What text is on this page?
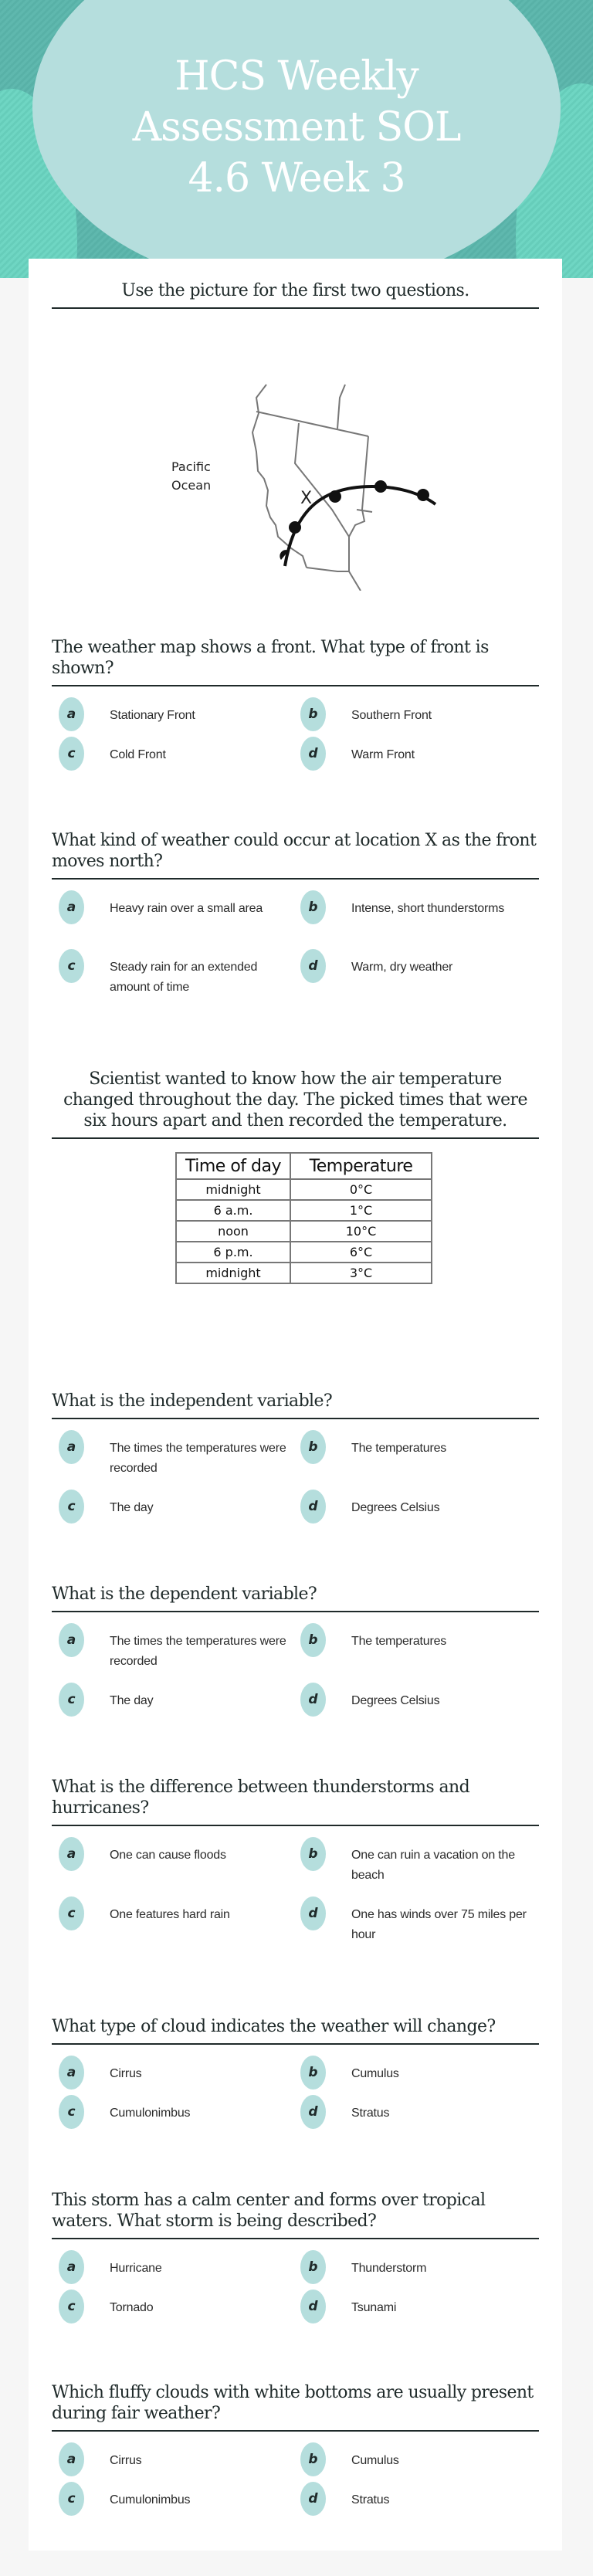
HCS Weekly
Assessment SOL
4.6 Week 3
Use the picture for the first two questions.
Pacific
Ocean
X
The weather map shows a front. What type of front is shown?
a	Stationary Front	b	Southern Front
c	Cold Front	d	Warm Front
What kind of weather could occur at location X as the front moves north?
a	Heavy rain over a small area	b	Intense, short thunderstorms
c	Steady rain for an extended amount of time
d	Warm, dry weather
Scientist wanted to know how the air temperature changed throughout the day. The picked times that were six hours apart and then recorded the temperature.
Time of day	Temperature
midnight	0°C
6 a.m.	1°C
noon	10°C
6 p.m.	6°C
midnight	3°C
What is the independent variable?
a	The times the temperatures were recorded
b	The temperatures
c	The day	d	Degrees Celsius
What is the dependent variable?
a	The times the temperatures were recorded
b	The temperatures
c	The day	d	Degrees Celsius
What is the difference between thunderstorms and hurricanes?
a	One can cause floods	b	One can ruin a vacation on the beach
c	One features hard rain	d	One has winds over 75 miles per hour
What type of cloud indicates the weather will change?
a	Cirrus	b	Cumulus
c	Cumulonimbus	d	Stratus
This storm has a calm center and forms over tropical waters. What storm is being described?
a	Hurricane	b	Thunderstorm
c	Tornado	d	Tsunami
Which fluffy clouds with white bottoms are usually present during fair weather?
a	Cirrus	b	Cumulus
c	Cumulonimbus	d	Stratus
